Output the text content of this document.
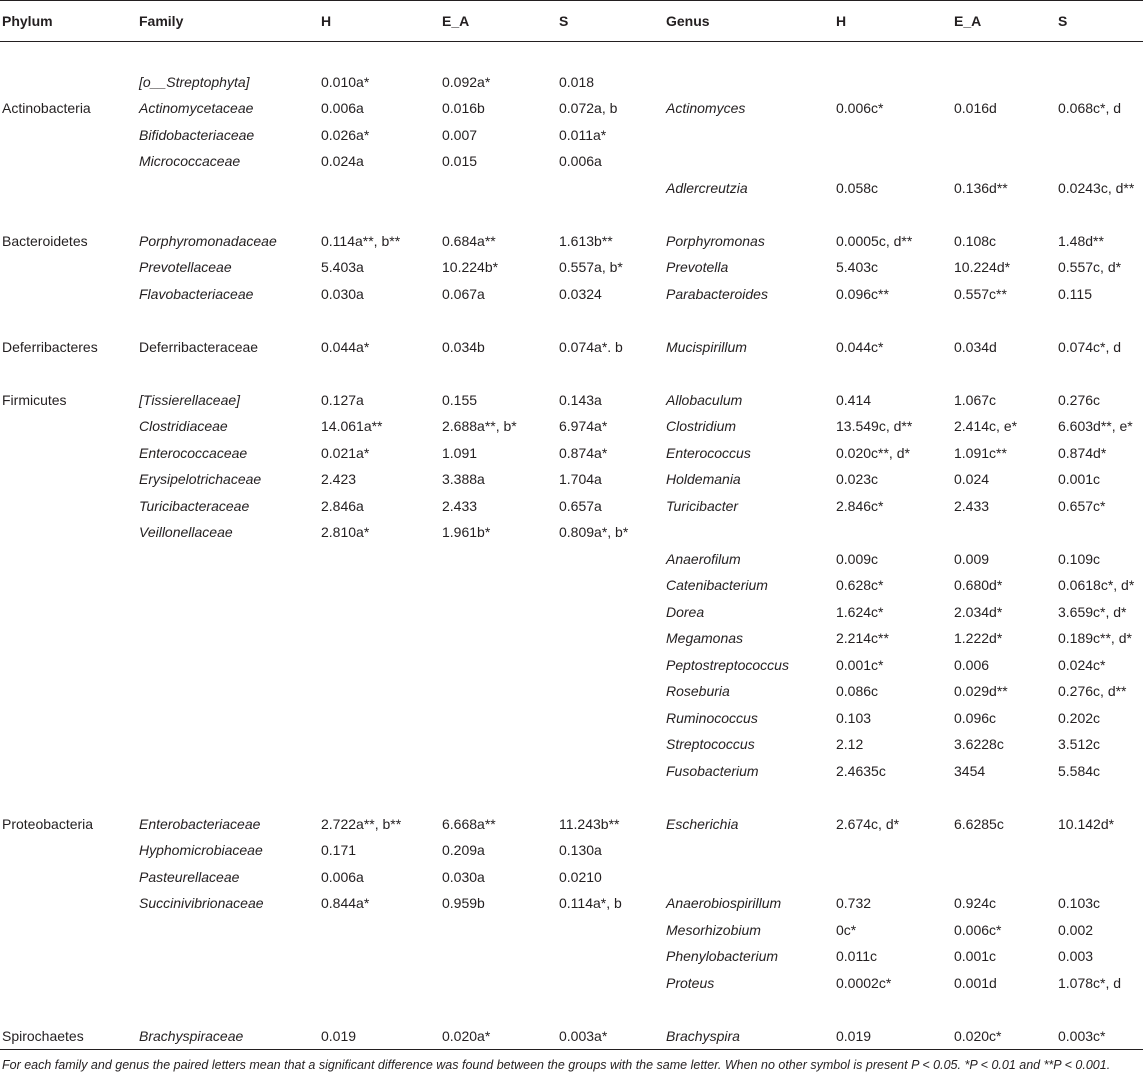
Phylum	Family	H	E_A	S	Genus	H	E_A	S

	[o__Streptophyta]	0.010a*	0.092a*	0.018				
Actinobacteria	Actinomycetaceae	0.006a	0.016b	0.072a, b	Actinomyces	0.006c*	0.016d	0.068c*, d
	Bifidobacteriaceae	0.026a*	0.007	0.011a*				
	Micrococcaceae	0.024a	0.015	0.006a				
					Adlercreutzia	0.058c	0.136d**	0.0243c, d**

Bacteroidetes	Porphyromonadaceae	0.114a**, b**	0.684a**	1.613b**	Porphyromonas	0.0005c, d**	0.108c	1.48d**
	Prevotellaceae	5.403a	10.224b*	0.557a, b*	Prevotella	5.403c	10.224d*	0.557c, d*
	Flavobacteriaceae	0.030a	0.067a	0.0324	Parabacteroides	0.096c**	0.557c**	0.115

Deferribacteres	Deferribacteraceae	0.044a*	0.034b	0.074a*. b	Mucispirillum	0.044c*	0.034d	0.074c*, d

Firmicutes	[Tissierellaceae]	0.127a	0.155	0.143a	Allobaculum	0.414	1.067c	0.276c
	Clostridiaceae	14.061a**	2.688a**, b*	6.974a*	Clostridium	13.549c, d**	2.414c, e*	6.603d**, e*
	Enterococcaceae	0.021a*	1.091	0.874a*	Enterococcus	0.020c**, d*	1.091c**	0.874d*
	Erysipelotrichaceae	2.423	3.388a	1.704a	Holdemania	0.023c	0.024	0.001c
	Turicibacteraceae	2.846a	2.433	0.657a	Turicibacter	2.846c*	2.433	0.657c*
	Veillonellaceae	2.810a*	1.961b*	0.809a*, b*				
					Anaerofilum	0.009c	0.009	0.109c
					Catenibacterium	0.628c*	0.680d*	0.0618c*, d*
					Dorea	1.624c*	2.034d*	3.659c*, d*
					Megamonas	2.214c**	1.222d*	0.189c**, d*
					Peptostreptococcus	0.001c*	0.006	0.024c*
					Roseburia	0.086c	0.029d**	0.276c, d**
					Ruminococcus	0.103	0.096c	0.202c
					Streptococcus	2.12	3.6228c	3.512c
					Fusobacterium	2.4635c	3454	5.584c

Proteobacteria	Enterobacteriaceae	2.722a**, b**	6.668a**	11.243b**	Escherichia	2.674c, d*	6.6285c	10.142d*
	Hyphomicrobiaceae	0.171	0.209a	0.130a				
	Pasteurellaceae	0.006a	0.030a	0.0210				
	Succinivibrionaceae	0.844a*	0.959b	0.114a*, b	Anaerobiospirillum	0.732	0.924c	0.103c
					Mesorhizobium	0c*	0.006c*	0.002
					Phenylobacterium	0.011c	0.001c	0.003
					Proteus	0.0002c*	0.001d	1.078c*, d

Spirochaetes	Brachyspiraceae	0.019	0.020a*	0.003a*	Brachyspira	0.019	0.020c*	0.003c*
For each family and genus the paired letters mean that a significant difference was found between the groups with the same letter. When no other symbol is present P < 0.05. *P < 0.01 and **P < 0.001.
